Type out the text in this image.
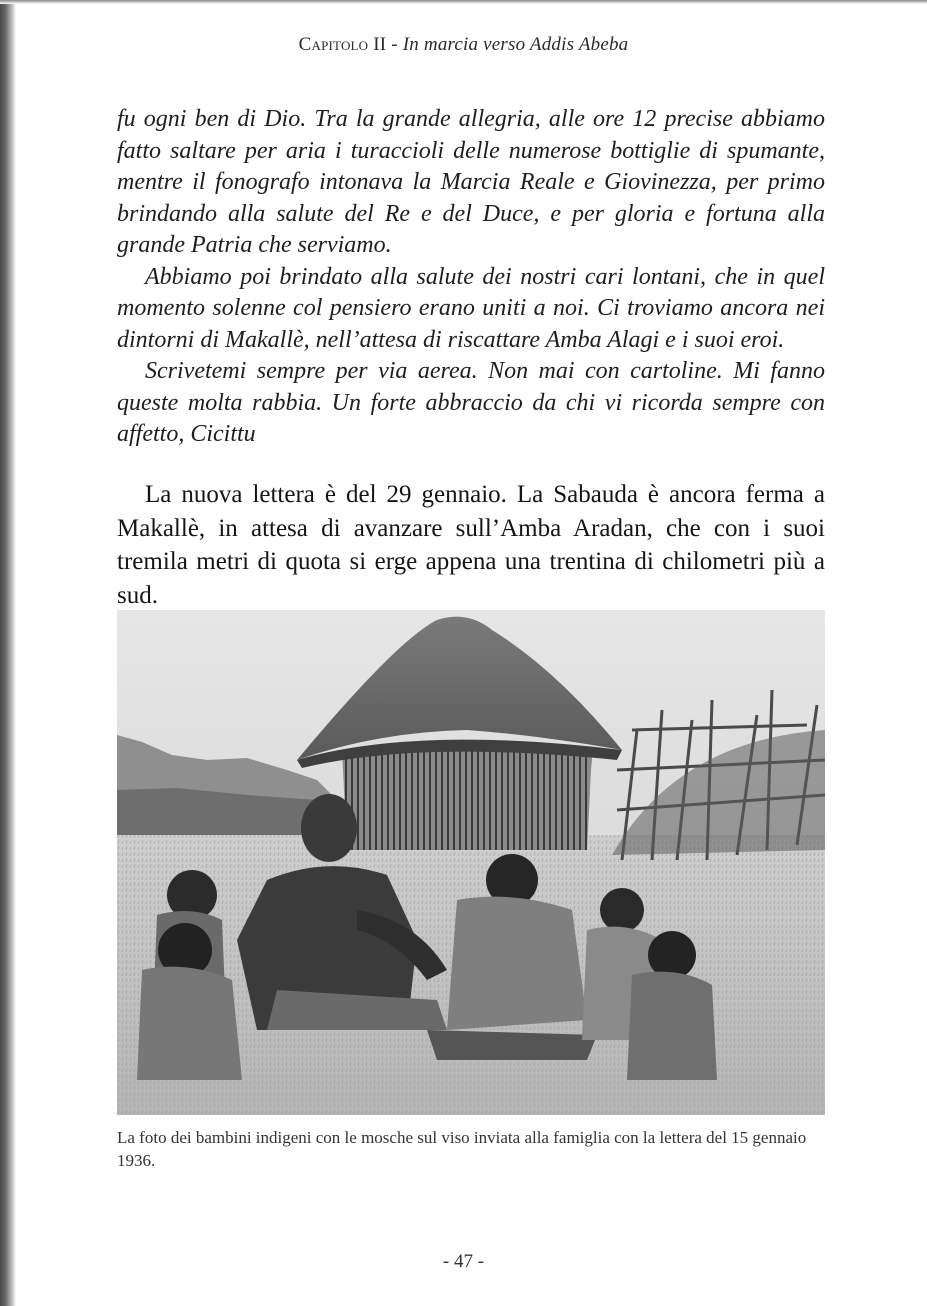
Capitolo II - In marcia verso Addis Abeba

fu ogni ben di Dio. Tra la grande allegria, alle ore 12 precise abbiamo fatto saltare per aria i turaccioli delle numerose bottiglie di spumante, mentre il fonografo intonava la Marcia Reale e Giovinezza, per primo brindando alla salute del Re e del Duce, e per gloria e fortuna alla grande Patria che serviamo.

Abbiamo poi brindato alla salute dei nostri cari lontani, che in quel momento solenne col pensiero erano uniti a noi. Ci troviamo ancora nei dintorni di Makallè, nell’attesa di riscattare Amba Alagi e i suoi eroi.

Scrivetemi sempre per via aerea. Non mai con cartoline. Mi fanno queste molta rabbia. Un forte abbraccio da chi vi ricorda sempre con affetto, Cicittu

La nuova lettera è del 29 gennaio. La Sabauda è ancora ferma a Makallè, in attesa di avanzare sull’Amba Aradan, che con i suoi tremila metri di quota si erge appena una trentina di chilometri più a sud.

La foto dei bambini indigeni con le mosche sul viso inviata alla famiglia con la lettera del 15 gennaio 1936.

- 47 -
